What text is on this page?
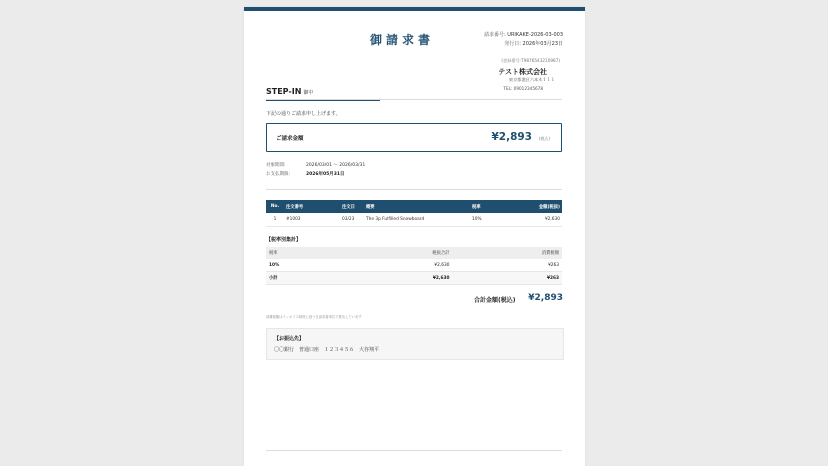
御請求書	請求番号: URIKAKE-2026-03-003
発行日: 2026年03月23日
(登録番号:T9876543210987)
テスト株式会社
東京都港区六本木１１１
TEL: 09012345678
STEP-IN 御中
下記の通りご請求申し上げます。
ご請求金額	¥2,893 (税込)
対象期間:	2026/03/01 〜 2026/03/31
お支払期限:	2026年05月31日
No.	注文番号	注文日	概要	税率	金額(税抜)
1	#1003	03/23	The 3p Fulfilled Snowboard	10%	¥2,630
【税率別集計】
税率	税抜合計	消費税額
10%	¥2,630	¥263
小計	¥2,630	¥263
合計金額(税込) ¥2,893
消費税額はインボイス制度に基づき請求書単位で算出しています
【お振込先】
〇〇銀行　普通口座　１２３４５６　大谷翔平
